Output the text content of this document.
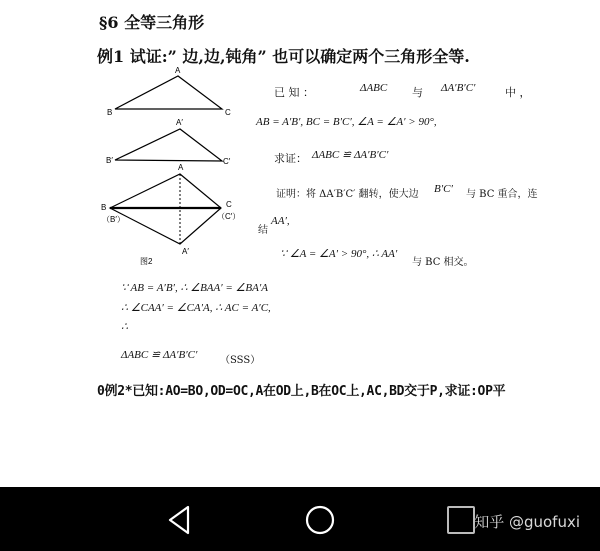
§6 全等三角形
例1 试证:” 边,边,钝角” 也可以确定两个三角形全等.
A
B	C
A′
B′	C′
A
A′
B
（B′）
C
（C′）
图2
已 知 ：	ΔABC 与 ΔA′B′C′	中 ，
AB = A′B′, BC = B′C′, ∠A = ∠A′ > 90°,
求证： ΔABC ≌ ΔA′B′C′
证明：将 ΔA′B′C′ 翻转，使大边 B′C′ 与 BC 重合，连
结
AA′,
∵ ∠A = ∠A′ > 90°, ∴ AA′
与 BC 相交。
∵ AB = A′B′, ∴ ∠BAA′ = ∠BA′A
∴ ∠CAA′ = ∠CA′A, ∴ AC = A′C,
∴
ΔABC ≌ ΔA′B′C′ （SSS）
0例2*已知:AO=BO,OD=OC,A在OD上,B在OC上,AC,BD交于P,求证:OP平
知乎 @guofuxi
